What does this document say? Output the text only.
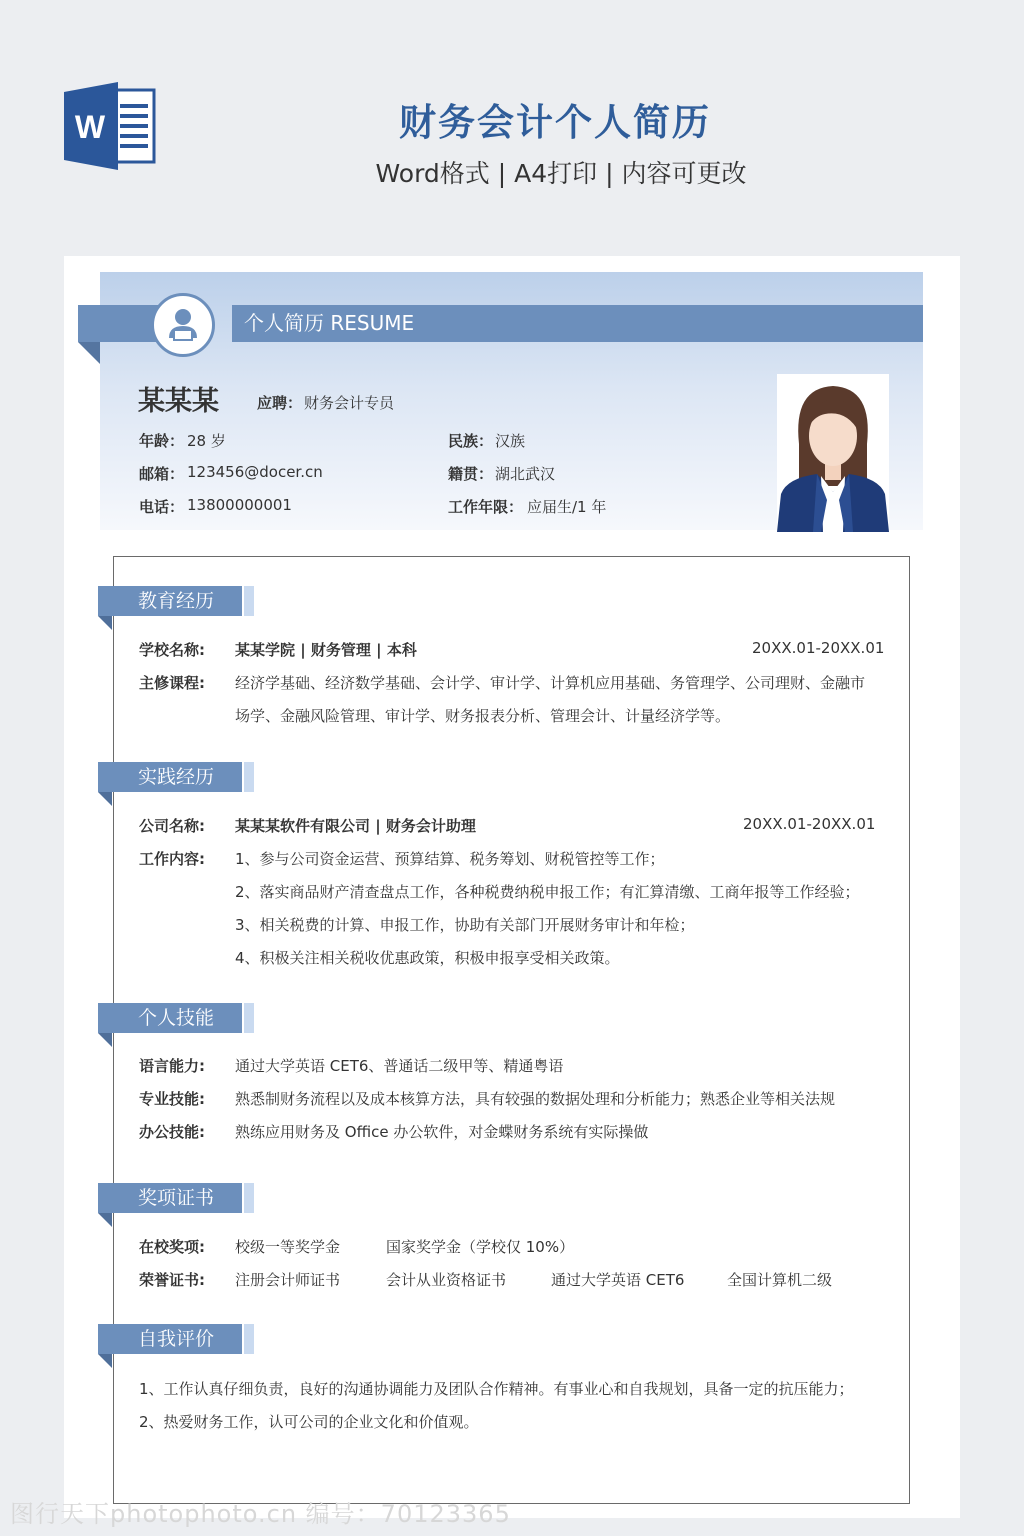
W	财务会计个人简历
Word格式 | A4打印 | 内容可更改
个人简历 RESUME
某某某	应聘： 财务会计专员
年龄： 28 岁	民族： 汉族
邮箱： 123456@docer.cn	籍贯： 湖北武汉
电话： 13800000001	工作年限： 应届生/1 年
教育经历
学校名称: 某某学院 | 财务管理 | 本科	20XX.01-20XX.01
主修课程: 经济学基础、经济数学基础、会计学、审计学、计算机应用基础、务管理学、公司理财、金融市
场学、金融风险管理、审计学、财务报表分析、管理会计、计量经济学等。
实践经历
公司名称: 某某某软件有限公司 | 财务会计助理	20XX.01-20XX.01
工作内容: 1、参与公司资金运营、预算结算、税务筹划、财税管控等工作；
2、落实商品财产清查盘点工作，各种税费纳税申报工作；有汇算清缴、工商年报等工作经验；
3、相关税费的计算、申报工作，协助有关部门开展财务审计和年检；
4、积极关注相关税收优惠政策，积极申报享受相关政策。
个人技能
语言能力: 通过大学英语 CET6、普通话二级甲等、精通粤语
专业技能: 熟悉制财务流程以及成本核算方法，具有较强的数据处理和分析能力；熟悉企业等相关法规
办公技能: 熟练应用财务及 Office 办公软件，对金蝶财务系统有实际操做
奖项证书
在校奖项: 校级一等奖学金	国家奖学金（学校仅 10%）
荣誉证书: 注册会计师证书	会计从业资格证书	通过大学英语 CET6	全国计算机二级
自我评价
1、工作认真仔细负责，良好的沟通协调能力及团队合作精神。有事业心和自我规划，具备一定的抗压能力；
2、热爱财务工作，认可公司的企业文化和价值观。
图行天下photophoto.cn 编号：70123365
